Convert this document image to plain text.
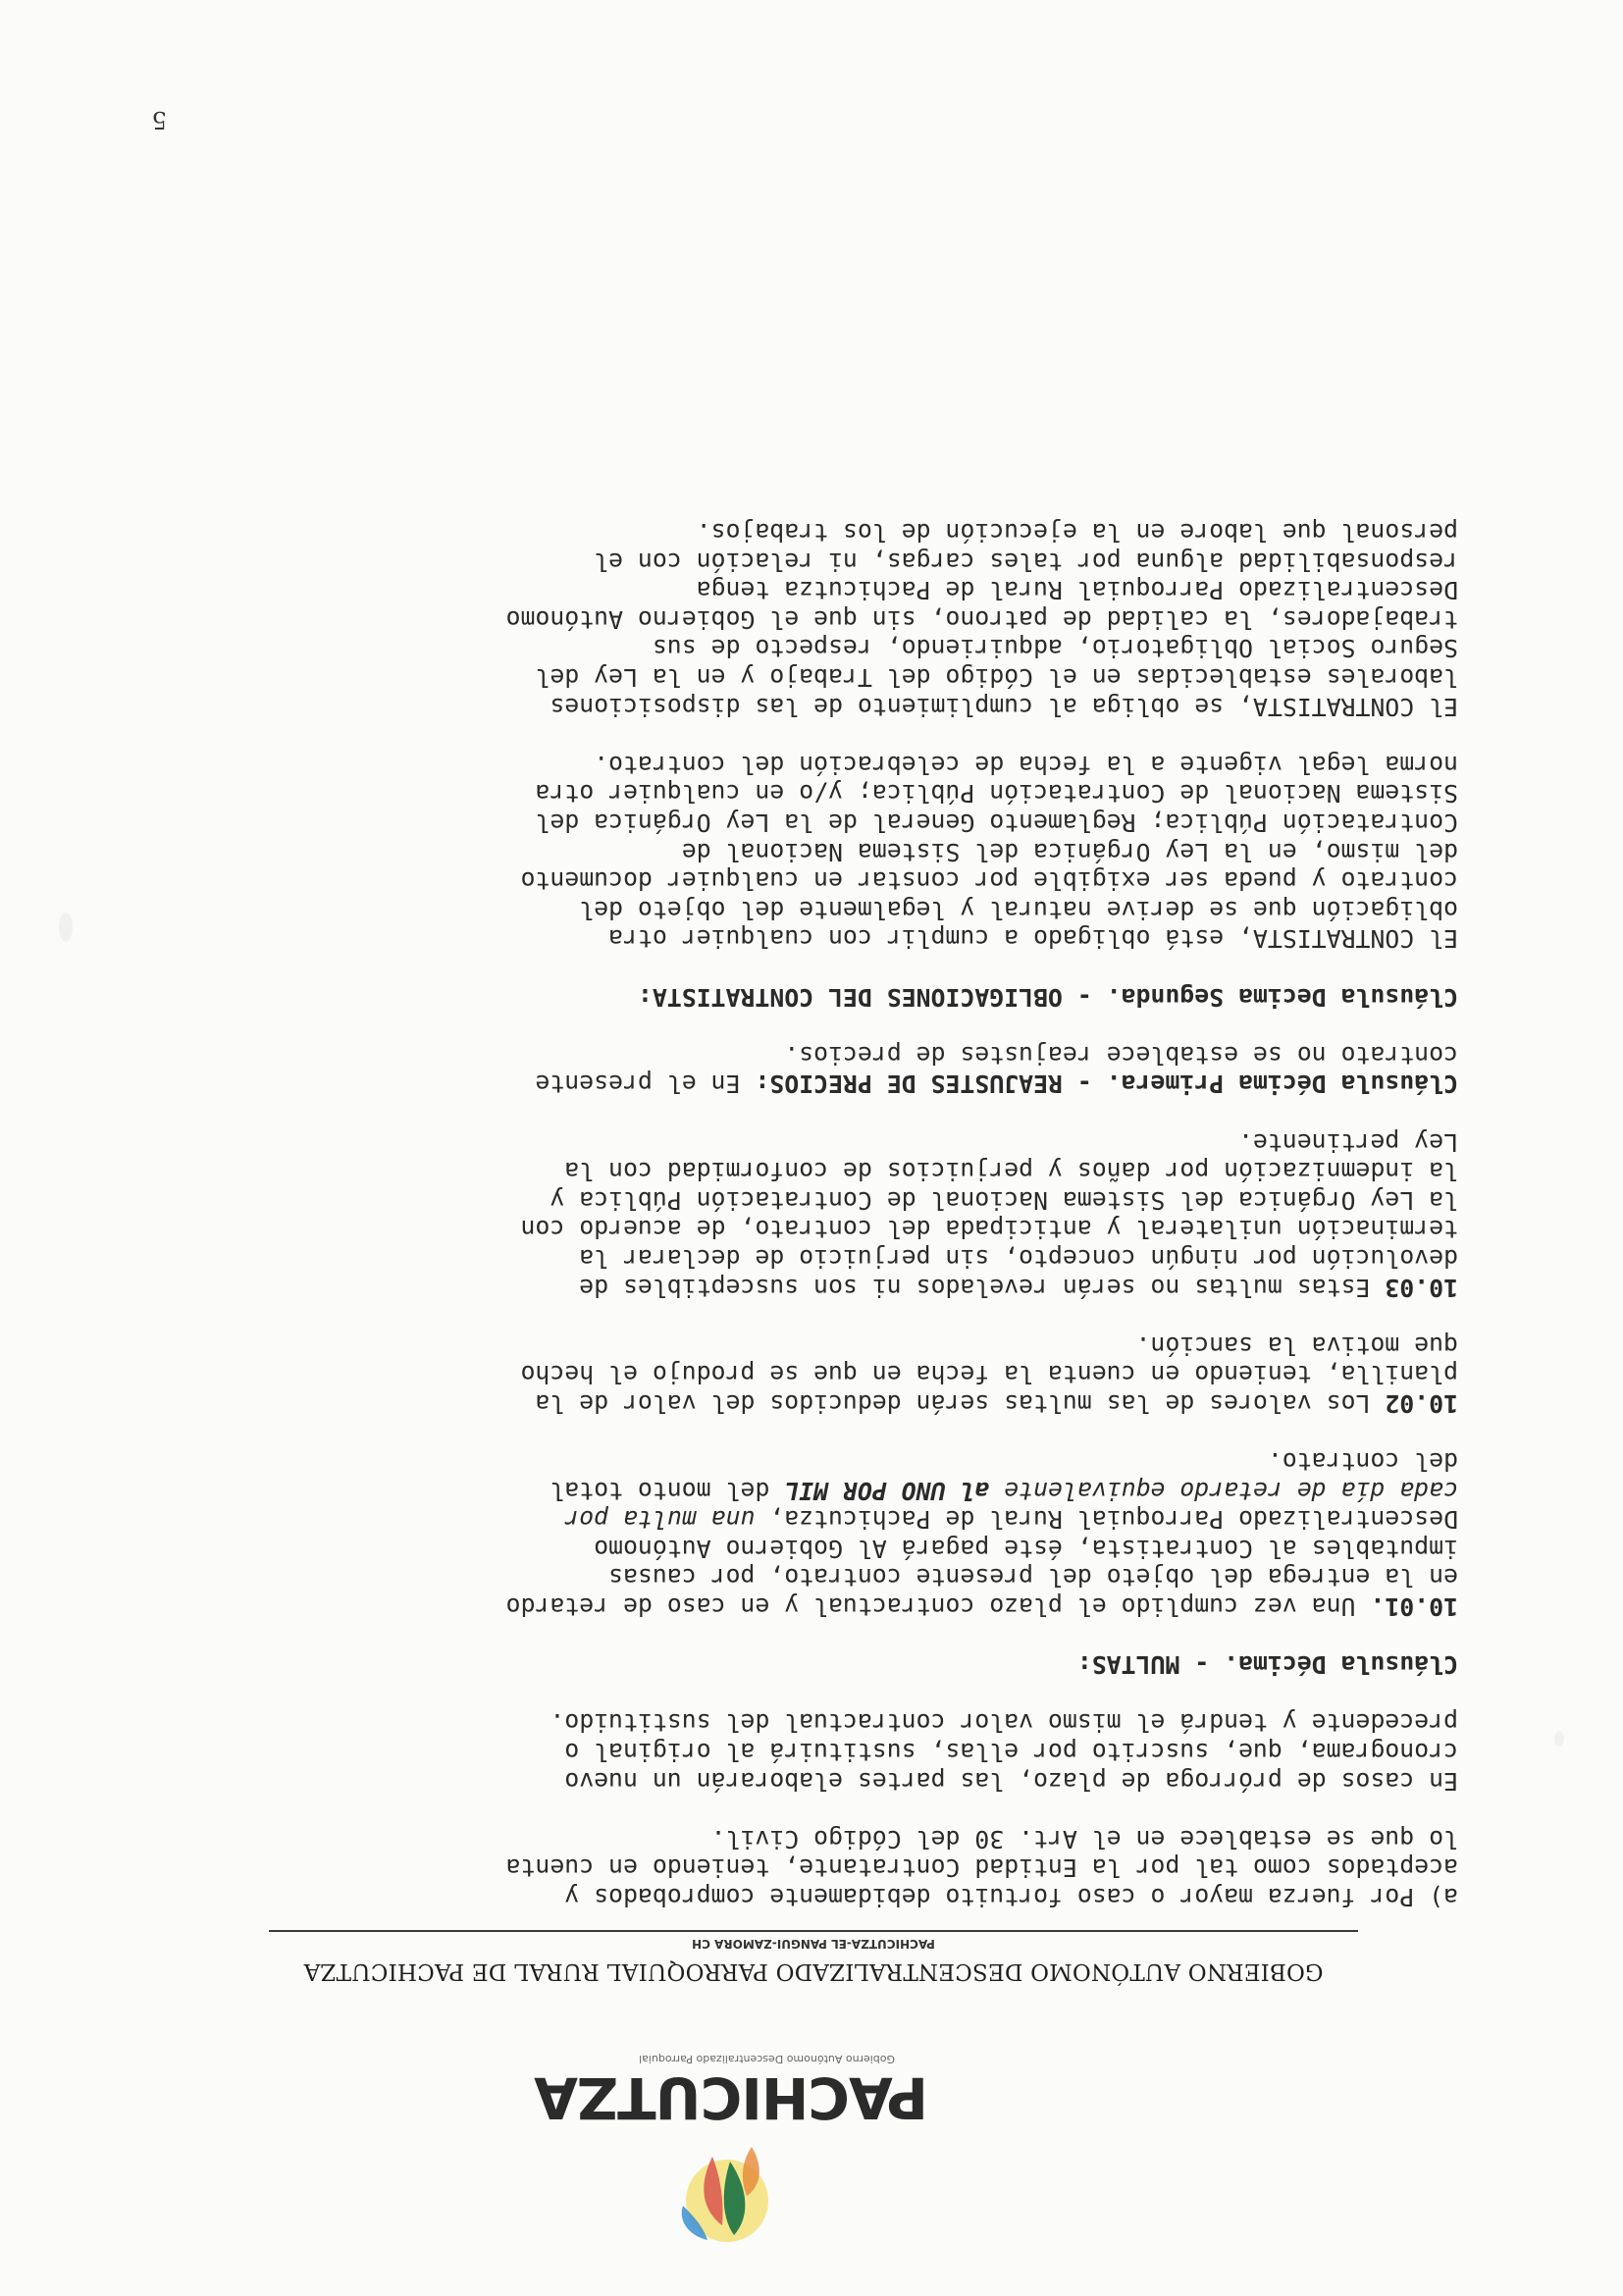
PACHICUTZA
Gobierno Autónomo Descentralizado Parroquial
GOBIERNO AUTÓNOMO DESCENTRALIZADO PARROQUIAL RURAL DE PACHICUTZA
PACHICUTZA-EL PANGUI-ZAMORA CH
a) Por fuerza mayor o caso fortuito debidamente comprobados y
aceptados como tal por la Entidad Contratante, teniendo en cuenta
lo que se establece en el Art. 30 del Código Civil.
En casos de prórroga de plazo, las partes elaborarán un nuevo
cronograma, que, suscrito por ellas, sustituirá al original o
precedente y tendrá el mismo valor contractual del sustituido.
Cláusula Décima. - MULTAS:
10.01. Una vez cumplido el plazo contractual y en caso de retardo
en la entrega del objeto del presente contrato, por causas
imputables al Contratista, éste pagará Al Gobierno Autónomo
Descentralizado Parroquial Rural de Pachicutza, una multa por
cada día de retardo equivalente al UNO POR MIL del monto total
del contrato.
10.02 Los valores de las multas serán deducidos del valor de la
planilla, teniendo en cuenta la fecha en que se produjo el hecho
que motiva la sanción.
10.03 Estas multas no serán revelados ni son susceptibles de
devolución por ningún concepto, sin perjuicio de declarar la
terminación unilateral y anticipada del contrato, de acuerdo con
la Ley Orgánica del Sistema Nacional de Contratación Pública y
la indemnización por daños y perjuicios de conformidad con la
Ley pertinente.
Cláusula Décima Primera. - REAJUSTES DE PRECIOS: En el presente
contrato no se establece reajustes de precios.
Cláusula Decima Segunda. - OBLIGACIONES DEL CONTRATISTA:
El CONTRATISTA, está obligado a cumplir con cualquier otra
obligación que se derive natural y legalmente del objeto del
contrato y pueda ser exigible por constar en cualquier documento
del mismo, en la Ley Orgánica del Sistema Nacional de
Contratación Pública; Reglamento General de la Ley Orgánica del
Sistema Nacional de Contratación Pública; y/o en cualquier otra
norma legal vigente a la fecha de celebración del contrato.
El CONTRATISTA, se obliga al cumplimiento de las disposiciones
laborales establecidas en el Código del Trabajo y en la Ley del
Seguro Social Obligatorio, adquiriendo, respecto de sus
trabajadores, la calidad de patrono, sin que el Gobierno Autónomo
Descentralizado Parroquial Rural de Pachicutza tenga
responsabilidad alguna por tales cargas, ni relación con el
personal que labore en la ejecución de los trabajos.
5
